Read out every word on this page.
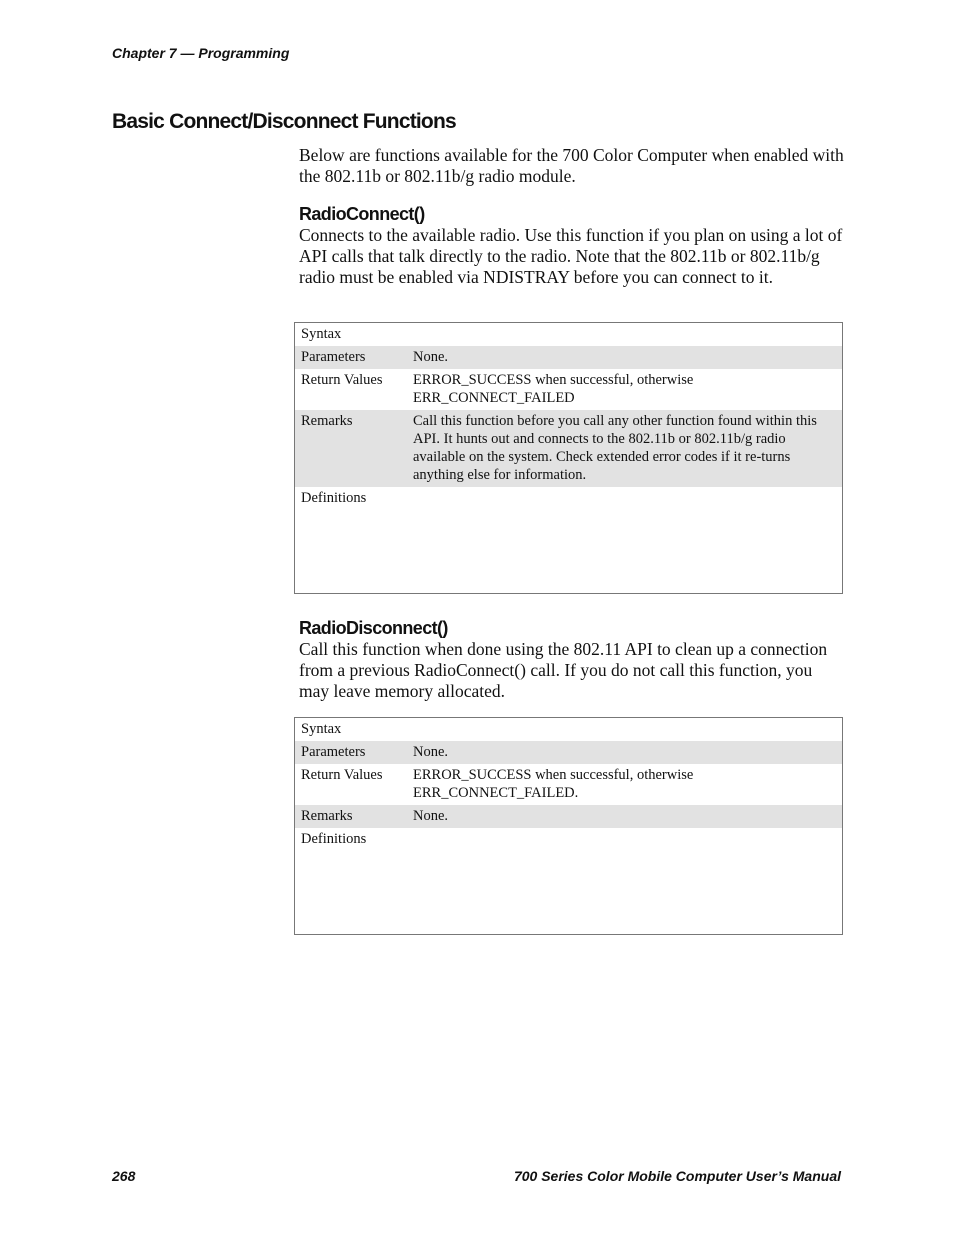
Chapter 7 — Programming
Basic Connect/Disconnect Functions

Below are functions available for the 700 Color Computer when enabled with the 802.11b or 802.11b/g radio module.

RadioConnect()

Connects to the available radio. Use this function if you plan on using a lot of API calls that talk directly to the radio. Note that the 802.11b or 802.11b/g radio must be enabled via NDISTRAY before you can connect to it.

Syntax
Parameters	None.
Return Values	ERROR_SUCCESS when successful, otherwise ERR_CONNECT_FAILED
Remarks	Call this function before you call any other function found within this API. It hunts out and connects to the 802.11b or 802.11b/g radio available on the system. Check extended error codes if it re-turns anything else for information.
Definitions
RadioDisconnect()

Call this function when done using the 802.11 API to clean up a connection from a previous RadioConnect() call. If you do not call this function, you may leave memory allocated.

Syntax
Parameters	None.
Return Values	ERROR_SUCCESS when successful, otherwise ERR_CONNECT_FAILED.
Remarks	None.
Definitions
268	700 Series Color Mobile Computer User’s Manual
